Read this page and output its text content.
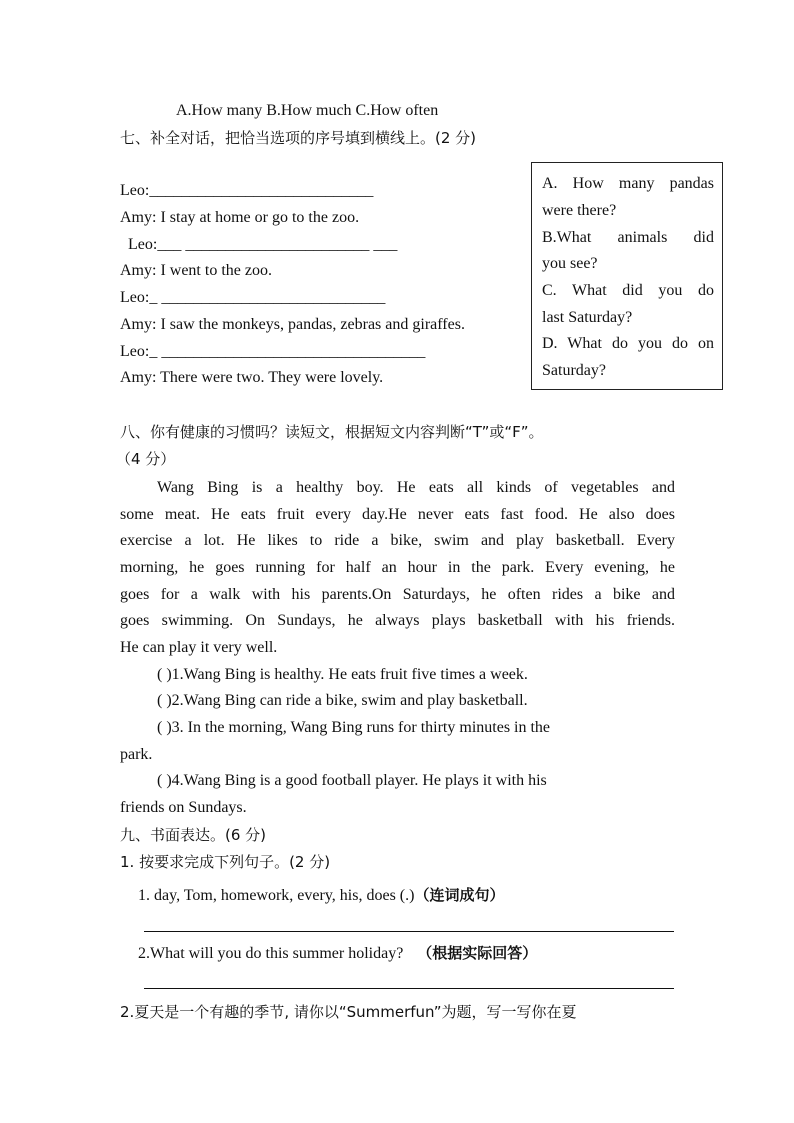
A.How many B.How much C.How often
七、补全对话，把恰当选项的序号填到横线上。(2 分)
Leo:____________________________
Amy: I stay at home or go to the zoo.
Leo:___ _______________________ ___
Amy: I went to the zoo.
Leo:_ ____________________________
Amy: I saw the monkeys, pandas, zebras and giraffes.
Leo:_ _________________________________
Amy: There were two. They were lovely.
A. How many pandas
were there?
B.What animals did
you see?
C. What did you do
last Saturday?
D. What do you do on
Saturday?
八、你有健康的习惯吗？读短文，根据短文内容判断“T”或“F”。
（4 分）
Wang Bing is a healthy boy. He eats all kinds of vegetables and
some meat. He eats fruit every day.He never eats fast food. He also does
exercise a lot. He likes to ride a bike, swim and play basketball. Every
morning, he goes running for half an hour in the park. Every evening, he
goes for a walk with his parents.On Saturdays, he often rides a bike and
goes swimming. On Sundays, he always plays basketball with his friends.
He can play it very well.
( )1.Wang Bing is healthy. He eats fruit five times a week.
( )2.Wang Bing can ride a bike, swim and play basketball.
( )3. In the morning, Wang Bing runs for thirty minutes in the
park.
( )4.Wang Bing is a good football player. He plays it with his
friends on Sundays.
九、书面表达。(6 分)
1. 按要求完成下列句子。(2 分)
1. day, Tom, homework, every, his, does (.)（连词成句）
2.What will you do this summer holiday? （根据实际回答）
2.夏天是一个有趣的季节, 请你以“Summerfun”为题，写一写你在夏
